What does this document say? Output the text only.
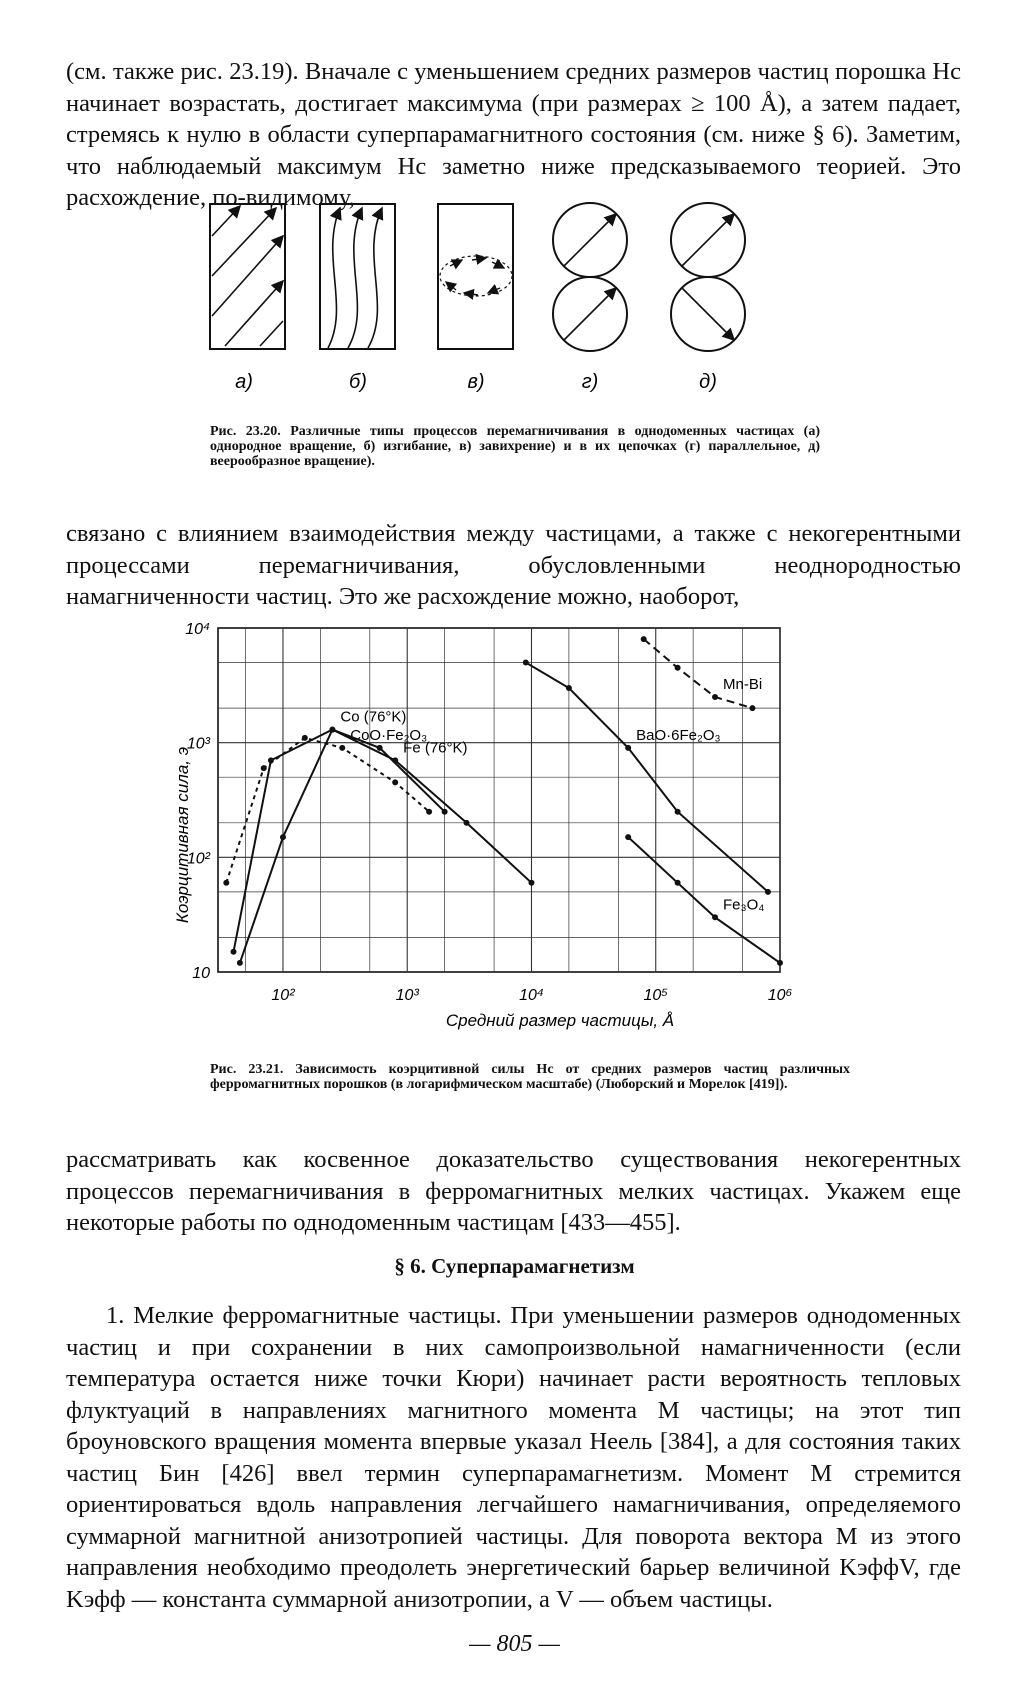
(см. также рис. 23.19). Вначале с уменьшением средних размеров частиц порошка Hc начинает возрастать, достигает максимума (при размерах ≥ 100 Å), а затем падает, стремясь к нулю в области суперпарамагнитного состояния (см. ниже § 6). Заметим, что наблюдаемый максимум Hc заметно ниже предсказываемого теорией. Это расхождение, по-видимому,

а)	б)	в)	г)	д)

Рис. 23.20. Различные типы процессов перемагничивания в однодоменных частицах (а) однородное вращение, б) изгибание, в) завихрение) и в их цепочках (г) параллельное, д) веерообразное вращение).

связано с влиянием взаимодействия между частицами, а также с некогерентными процессами перемагничивания, обусловленными неоднородностью намагниченности частиц. Это же расхождение можно, наоборот,

10²	10³	10⁴	10⁵	10⁶
10
10²
10³
10⁴
BaO·6Fe₂O₃
Mn-Bi
CoO·Fe₂O₃
Co (76°K)
Fe (76°K)
Fe₃O₄
Коэрцитивная сила, э
Средний размер частицы, Å

Рис. 23.21. Зависимость коэрцитивной силы Hc от средних размеров частиц различных ферромагнитных порошков (в логарифмическом масштабе) (Люборский и Морелок [419]).

рассматривать как косвенное доказательство существования некогерентных процессов перемагничивания в ферромагнитных мелких частицах. Укажем еще некоторые работы по однодоменным частицам [433—455].

§ 6. Суперпарамагнетизм

1. Мелкие ферромагнитные частицы. При уменьшении размеров однодоменных частиц и при сохранении в них самопроизвольной намагниченности (если температура остается ниже точки Кюри) начинает расти вероятность тепловых флуктуаций в направлениях магнитного момента M частицы; на этот тип броуновского вращения момента впервые указал Неель [384], а для состояния таких частиц Бин [426] ввел термин суперпарамагнетизм. Момент M стремится ориентироваться вдоль направления легчайшего намагничивания, определяемого суммарной магнитной анизотропией частицы. Для поворота вектора M из этого направления необходимо преодолеть энергетический барьер величиной KэффV, где Kэфф — константа суммарной анизотропии, а V — объем частицы.

— 805 —
